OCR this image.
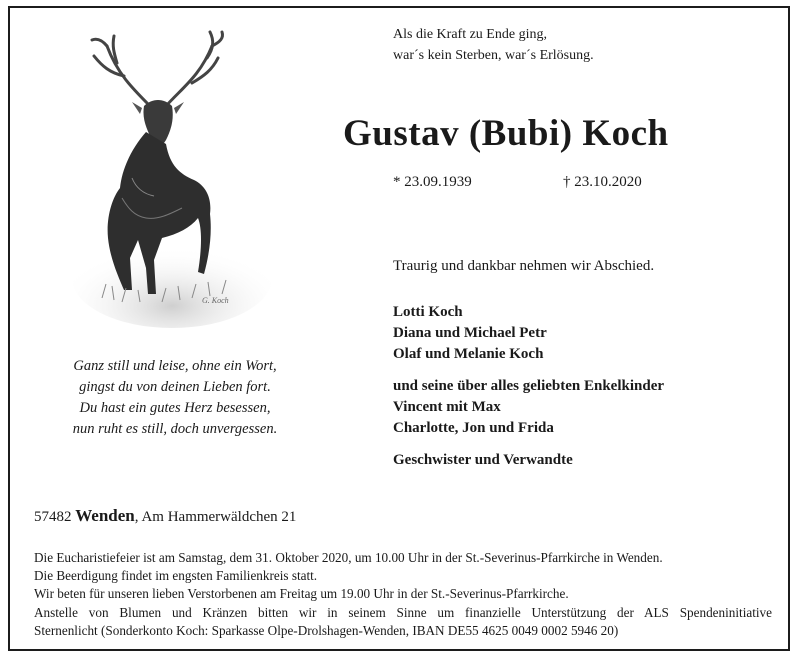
G. Koch
Als die Kraft zu Ende ging,
war´s kein Sterben, war´s Erlösung.
Gustav (Bubi) Koch
* 23.09.1939	† 23.10.2020
Traurig und dankbar nehmen wir Abschied.
Lotti Koch
Diana und Michael Petr
Olaf und Melanie Koch
und seine über alles geliebten Enkelkinder
Vincent mit Max
Charlotte, Jon und Frida
Geschwister und Verwandte
Ganz still und leise, ohne ein Wort,
gingst du von deinen Lieben fort.
Du hast ein gutes Herz besessen,
nun ruht es still, doch unvergessen.
57482 Wenden, Am Hammerwäldchen 21
Die Eucharistiefeier ist am Samstag, dem 31. Oktober 2020, um 10.00 Uhr in der St.-Severinus-Pfarrkirche in Wenden.
Die Beerdigung findet im engsten Familienkreis statt.
Wir beten für unseren lieben Verstorbenen am Freitag um 19.00 Uhr in der St.-Severinus-Pfarrkirche.
Anstelle von Blumen und Kränzen bitten wir in seinem Sinne um finanzielle Unterstützung der ALS Spendeninitiative
Sternenlicht (Sonderkonto Koch: Sparkasse Olpe-Drolshagen-Wenden, IBAN DE55 4625 0049 0002 5946 20)
